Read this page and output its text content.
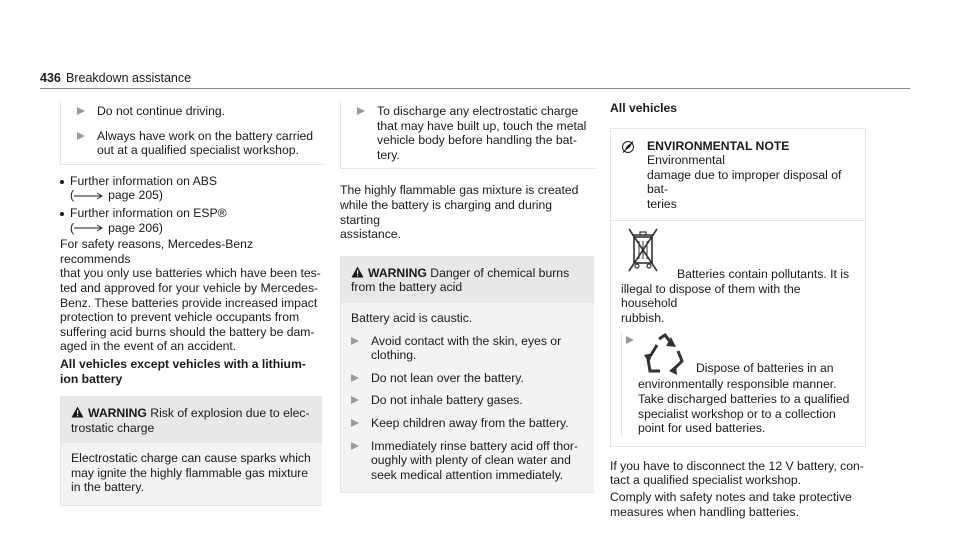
436 Breakdown assistance
Do not continue driving.
Always have work on the battery carried
out at a qualified specialist workshop.
Further information on ABS
(	page 205)
Further information on ESP®
(	page 206)
For safety reasons, Mercedes-Benz recommends
that you only use batteries which have been tes-
ted and approved for your vehicle by Mercedes-
Benz. These batteries provide increased impact
protection to prevent vehicle occupants from
suffering acid burns should the battery be dam-
aged in the event of an accident.
All vehicles except vehicles with a lithium-
ion battery
WARNING Risk of explosion due to elec-
trostatic charge
Electrostatic charge can cause sparks which
may ignite the highly flammable gas mixture
in the battery.
To discharge any electrostatic charge
that may have built up, touch the metal
vehicle body before handling the bat-
tery.
The highly flammable gas mixture is created
while the battery is charging and during starting
assistance.
WARNING Danger of chemical burns
from the battery acid
Battery acid is caustic.
Avoid contact with the skin, eyes or
clothing.
Do not lean over the battery.
Do not inhale battery gases.
Keep children away from the battery.
Immediately rinse battery acid off thor-
oughly with plenty of clean water and
seek medical attention immediately.
All vehicles
ENVIRONMENTAL NOTE Environmental
damage due to improper disposal of bat-
teries
Batteries contain pollutants. It is
illegal to dispose of them with the household
rubbish.
Dispose of batteries in an
environmentally responsible manner.
Take discharged batteries to a qualified
specialist workshop or to a collection
point for used batteries.
If you have to disconnect the 12 V battery, con-
tact a qualified specialist workshop.
Comply with safety notes and take protective
measures when handling batteries.
